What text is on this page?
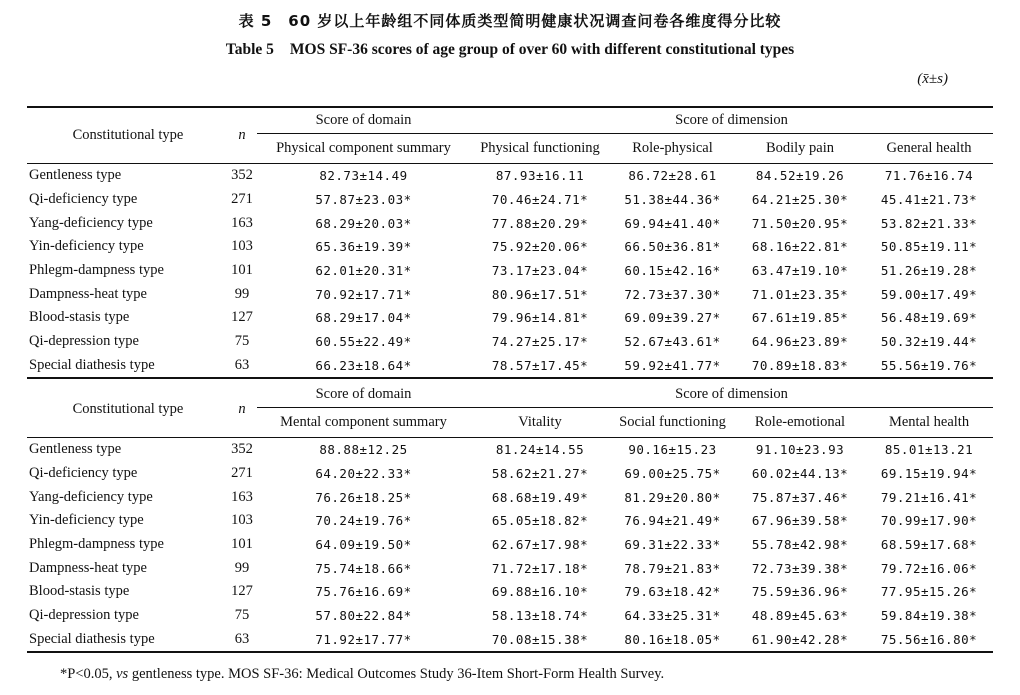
表 5　60 岁以上年龄组不同体质类型简明健康状况调查问卷各维度得分比较
Table 5 MOS SF-36 scores of age group of over 60 with different constitutional types
(x̄±s)
Constitutional type	n	Score of domain	Score of dimension			
		Physical component summary	Physical functioning	Role-physical	Bodily pain	General health
Gentleness type	352	82.73±14.49	87.93±16.11	86.72±28.61	84.52±19.26	71.76±16.74
Qi-deficiency type	271	57.87±23.03*	70.46±24.71*	51.38±44.36*	64.21±25.30*	45.41±21.73*
Yang-deficiency type	163	68.29±20.03*	77.88±20.29*	69.94±41.40*	71.50±20.95*	53.82±21.33*
Yin-deficiency type	103	65.36±19.39*	75.92±20.06*	66.50±36.81*	68.16±22.81*	50.85±19.11*
Phlegm-dampness type	101	62.01±20.31*	73.17±23.04*	60.15±42.16*	63.47±19.10*	51.26±19.28*
Dampness-heat type	99	70.92±17.71*	80.96±17.51*	72.73±37.30*	71.01±23.35*	59.00±17.49*
Blood-stasis type	127	68.29±17.04*	79.96±14.81*	69.09±39.27*	67.61±19.85*	56.48±19.69*
Qi-depression type	75	60.55±22.49*	74.27±25.17*	52.67±43.61*	64.96±23.89*	50.32±19.44*
Special diathesis type	63	66.23±18.64*	78.57±17.45*	59.92±41.77*	70.89±18.83*	55.56±19.76*
Constitutional type	n	Score of domain	Score of dimension			
		Mental component summary	Vitality	Social functioning	Role-emotional	Mental health
Gentleness type	352	88.88±12.25	81.24±14.55	90.16±15.23	91.10±23.93	85.01±13.21
Qi-deficiency type	271	64.20±22.33*	58.62±21.27*	69.00±25.75*	60.02±44.13*	69.15±19.94*
Yang-deficiency type	163	76.26±18.25*	68.68±19.49*	81.29±20.80*	75.87±37.46*	79.21±16.41*
Yin-deficiency type	103	70.24±19.76*	65.05±18.82*	76.94±21.49*	67.96±39.58*	70.99±17.90*
Phlegm-dampness type	101	64.09±19.50*	62.67±17.98*	69.31±22.33*	55.78±42.98*	68.59±17.68*
Dampness-heat type	99	75.74±18.66*	71.72±17.18*	78.79±21.83*	72.73±39.38*	79.72±16.06*
Blood-stasis type	127	75.76±16.69*	69.88±16.10*	79.63±18.42*	75.59±36.96*	77.95±15.26*
Qi-depression type	75	57.80±22.84*	58.13±18.74*	64.33±25.31*	48.89±45.63*	59.84±19.38*
Special diathesis type	63	71.92±17.77*	70.08±15.38*	80.16±18.05*	61.90±42.28*	75.56±16.80*
*P<0.05, vs gentleness type. MOS SF-36: Medical Outcomes Study 36-Item Short-Form Health Survey.
